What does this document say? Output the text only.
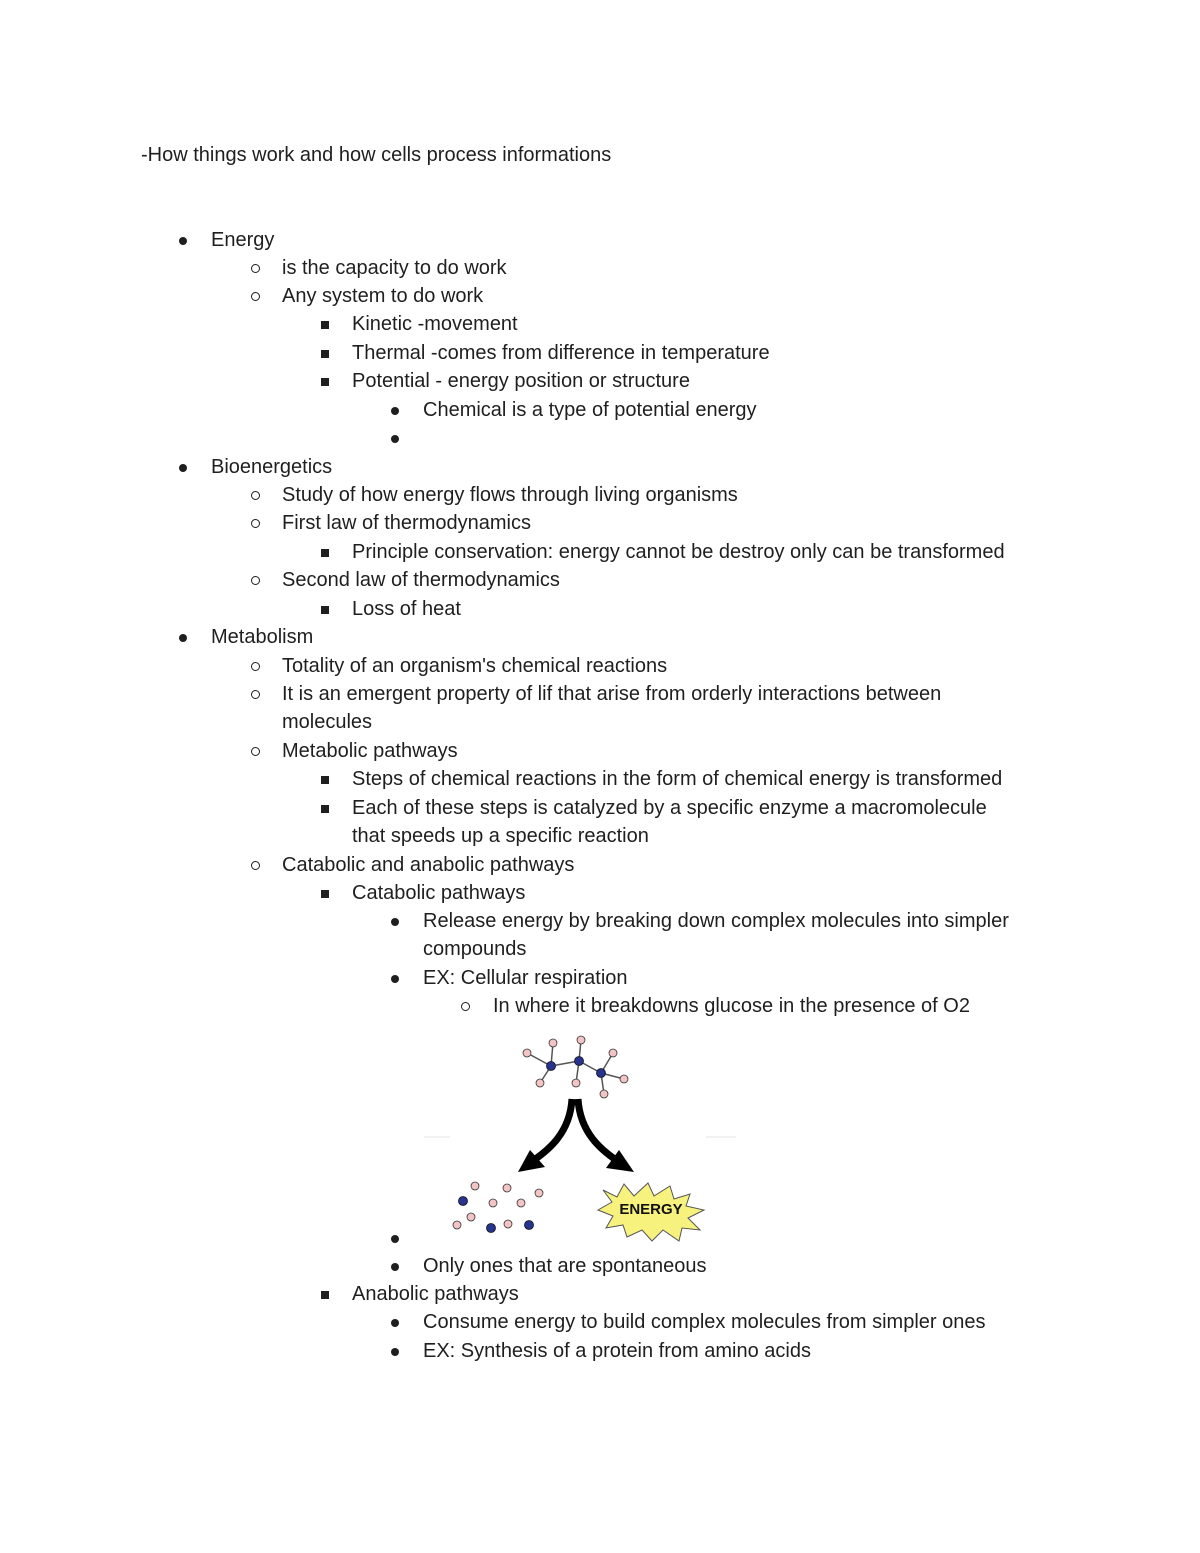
-How things work and how cells process informations
Energy
is the capacity to do work
Any system to do work
Kinetic -movement
Thermal -comes from difference in temperature
Potential - energy position or structure
Chemical is a type of potential energy
Bioenergetics
Study of how energy flows through living organisms
First law of thermodynamics
Principle conservation: energy cannot be destroy only can be transformed
Second law of thermodynamics
Loss of heat
Metabolism
Totality of an organism's chemical reactions
It is an emergent property of lif that arise from orderly interactions between
molecules
Metabolic pathways
Steps of chemical reactions in the form of chemical energy is transformed
Each of these steps is catalyzed by a specific enzyme a macromolecule
that speeds up a specific reaction
Catabolic and anabolic pathways
Catabolic pathways
Release energy by breaking down complex molecules into simpler
compounds
EX: Cellular respiration
In where it breakdowns glucose in the presence of O2
Only ones that are spontaneous
Anabolic pathways
Consume energy to build complex molecules from simpler ones
EX: Synthesis of a protein from amino acids
ENERGY
